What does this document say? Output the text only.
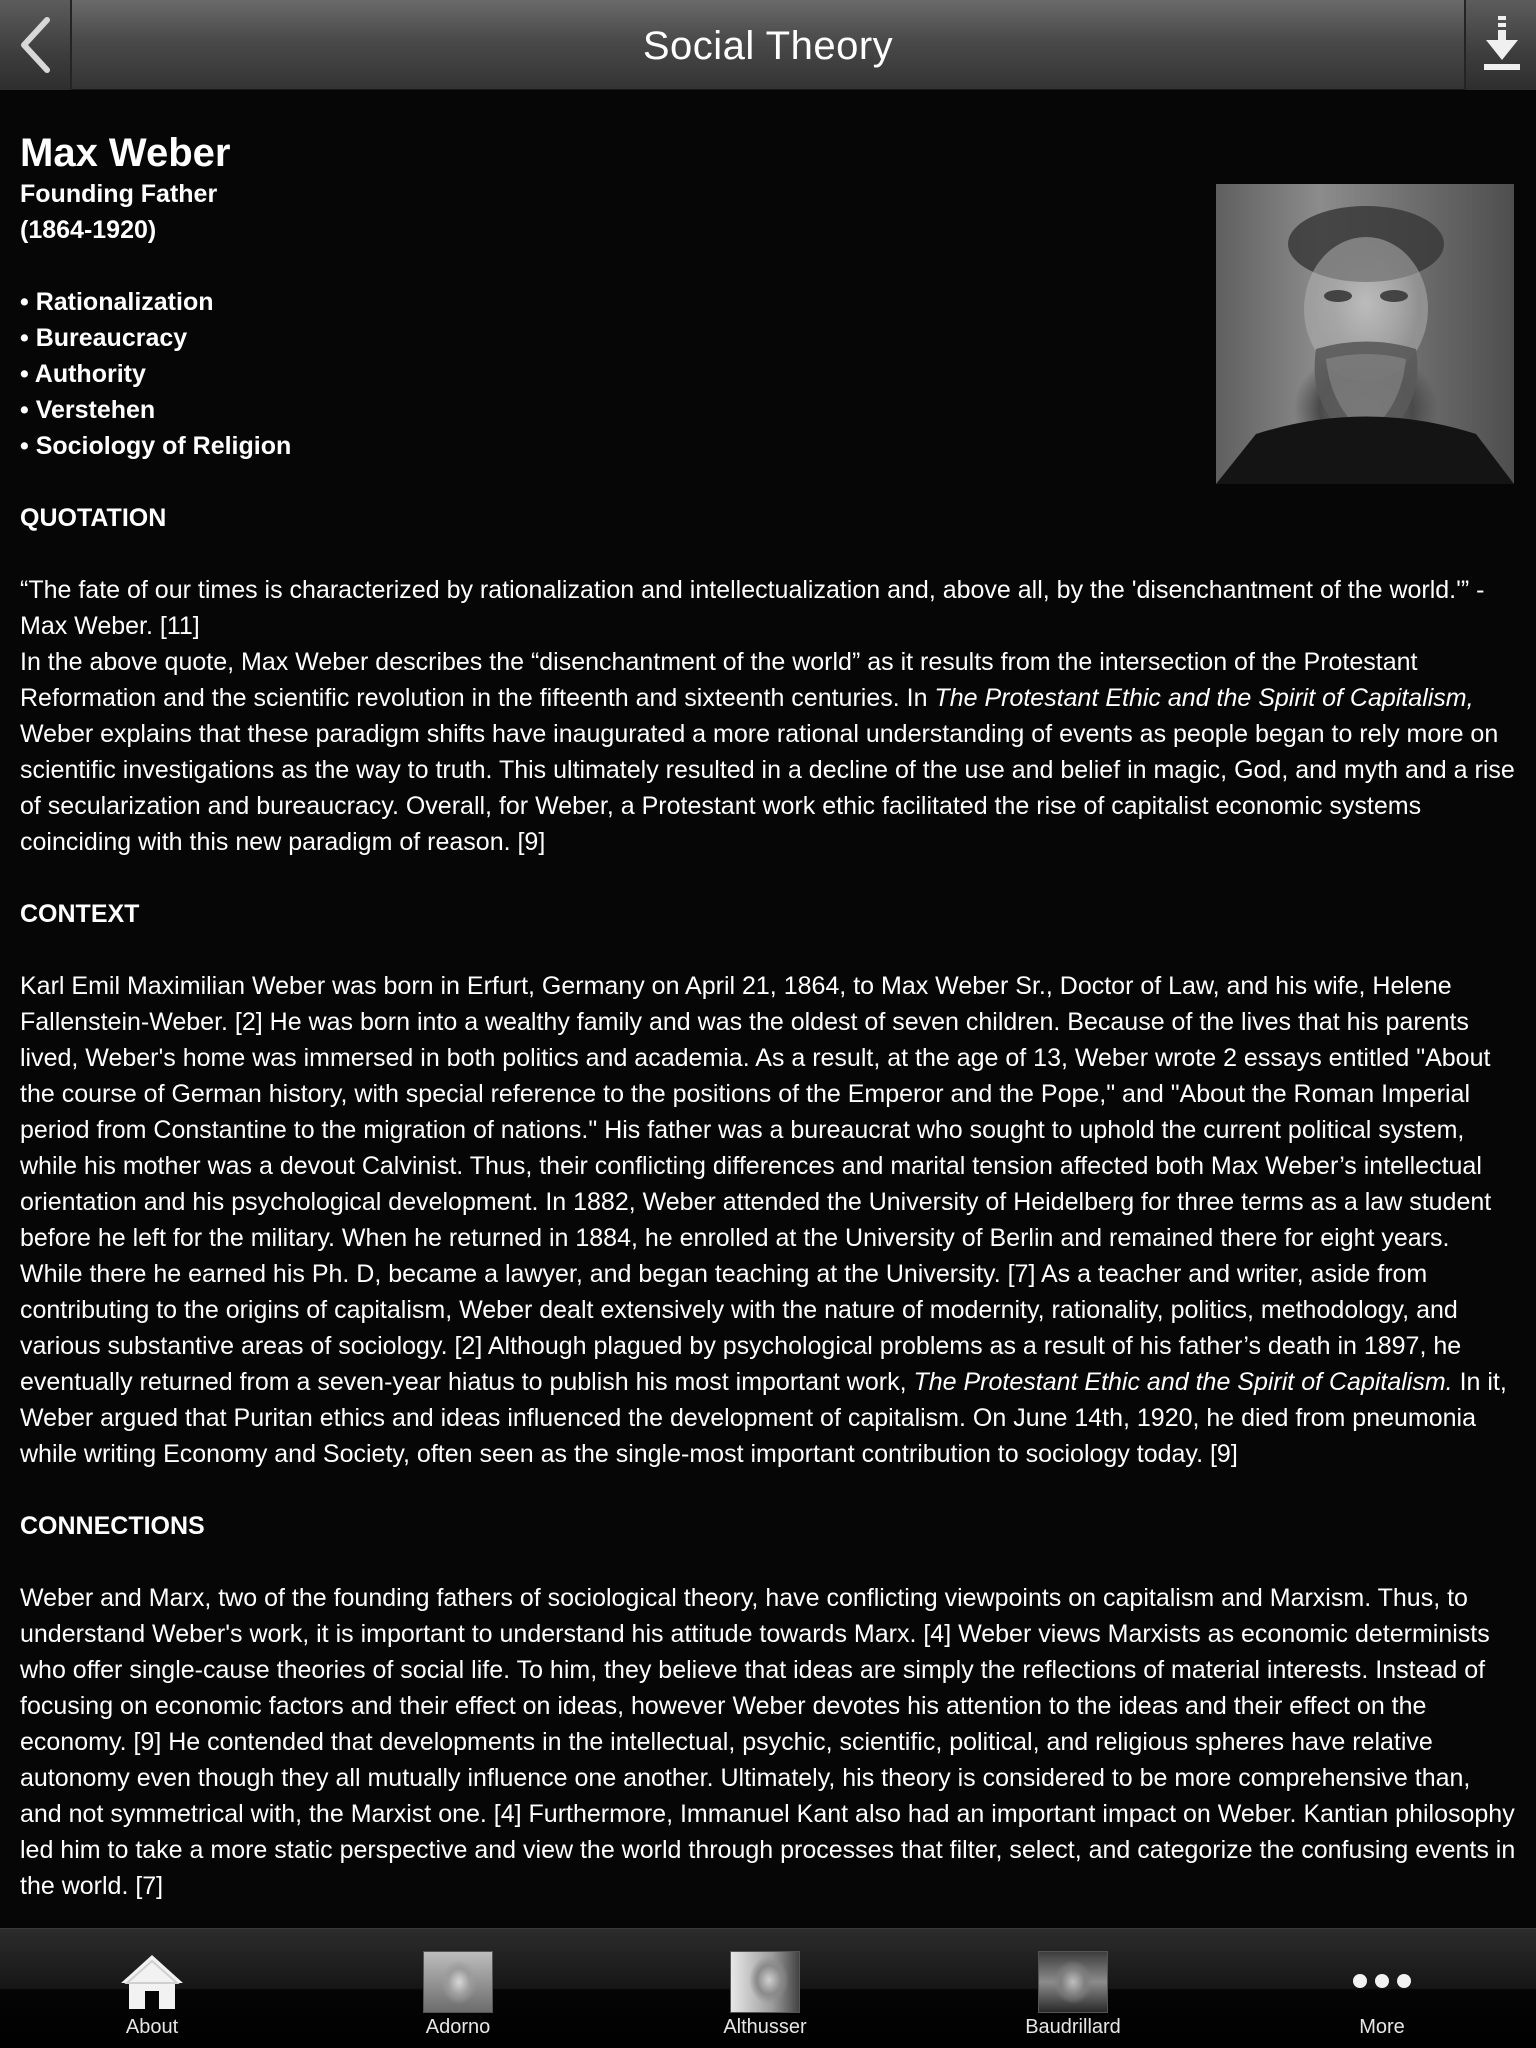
Social Theory
Max Weber
Founding Father
(1864-1920)
• Rationalization
• Bureaucracy
• Authority
• Verstehen
• Sociology of Religion
QUOTATION
“The fate of our times is characterized by rationalization and intellectualization and, above all, by the 'disenchantment of the world.'” - Max Weber. [11]
In the above quote, Max Weber describes the “disenchantment of the world” as it results from the intersection of the Protestant Reformation and the scientific revolution in the fifteenth and sixteenth centuries. In The Protestant Ethic and the Spirit of Capitalism, Weber explains that these paradigm shifts have inaugurated a more rational understanding of events as people began to rely more on scientific investigations as the way to truth. This ultimately resulted in a decline of the use and belief in magic, God, and myth and a rise of secularization and bureaucracy. Overall, for Weber, a Protestant work ethic facilitated the rise of capitalist economic systems coinciding with this new paradigm of reason. [9]
CONTEXT
Karl Emil Maximilian Weber was born in Erfurt, Germany on April 21, 1864, to Max Weber Sr., Doctor of Law, and his wife, Helene Fallenstein-Weber. [2] He was born into a wealthy family and was the oldest of seven children. Because of the lives that his parents lived, Weber's home was immersed in both politics and academia. As a result, at the age of 13, Weber wrote 2 essays entitled "About the course of German history, with special reference to the positions of the Emperor and the Pope," and "About the Roman Imperial period from Constantine to the migration of nations." His father was a bureaucrat who sought to uphold the current political system, while his mother was a devout Calvinist. Thus, their conflicting differences and marital tension affected both Max Weber’s intellectual orientation and his psychological development. In 1882, Weber attended the University of Heidelberg for three terms as a law student before he left for the military. When he returned in 1884, he enrolled at the University of Berlin and remained there for eight years. While there he earned his Ph. D, became a lawyer, and began teaching at the University. [7] As a teacher and writer, aside from contributing to the origins of capitalism, Weber dealt extensively with the nature of modernity, rationality, politics, methodology, and various substantive areas of sociology. [2] Although plagued by psychological problems as a result of his father’s death in 1897, he eventually returned from a seven-year hiatus to publish his most important work, The Protestant Ethic and the Spirit of Capitalism. In it, Weber argued that Puritan ethics and ideas influenced the development of capitalism. On June 14th, 1920, he died from pneumonia while writing Economy and Society, often seen as the single-most important contribution to sociology today. [9]
CONNECTIONS
Weber and Marx, two of the founding fathers of sociological theory, have conflicting viewpoints on capitalism and Marxism. Thus, to understand Weber's work, it is important to understand his attitude towards Marx. [4] Weber views Marxists as economic determinists who offer single-cause theories of social life. To him, they believe that ideas are simply the reflections of material interests. Instead of focusing on economic factors and their effect on ideas, however Weber devotes his attention to the ideas and their effect on the economy. [9] He contended that developments in the intellectual, psychic, scientific, political, and religious spheres have relative autonomy even though they all mutually influence one another. Ultimately, his theory is considered to be more comprehensive than, and not symmetrical with, the Marxist one. [4] Furthermore, Immanuel Kant also had an important impact on Weber. Kantian philosophy led him to take a more static perspective and view the world through processes that filter, select, and categorize the confusing events in the world. [7]
About	Adorno	Althusser	Baudrillard	More
